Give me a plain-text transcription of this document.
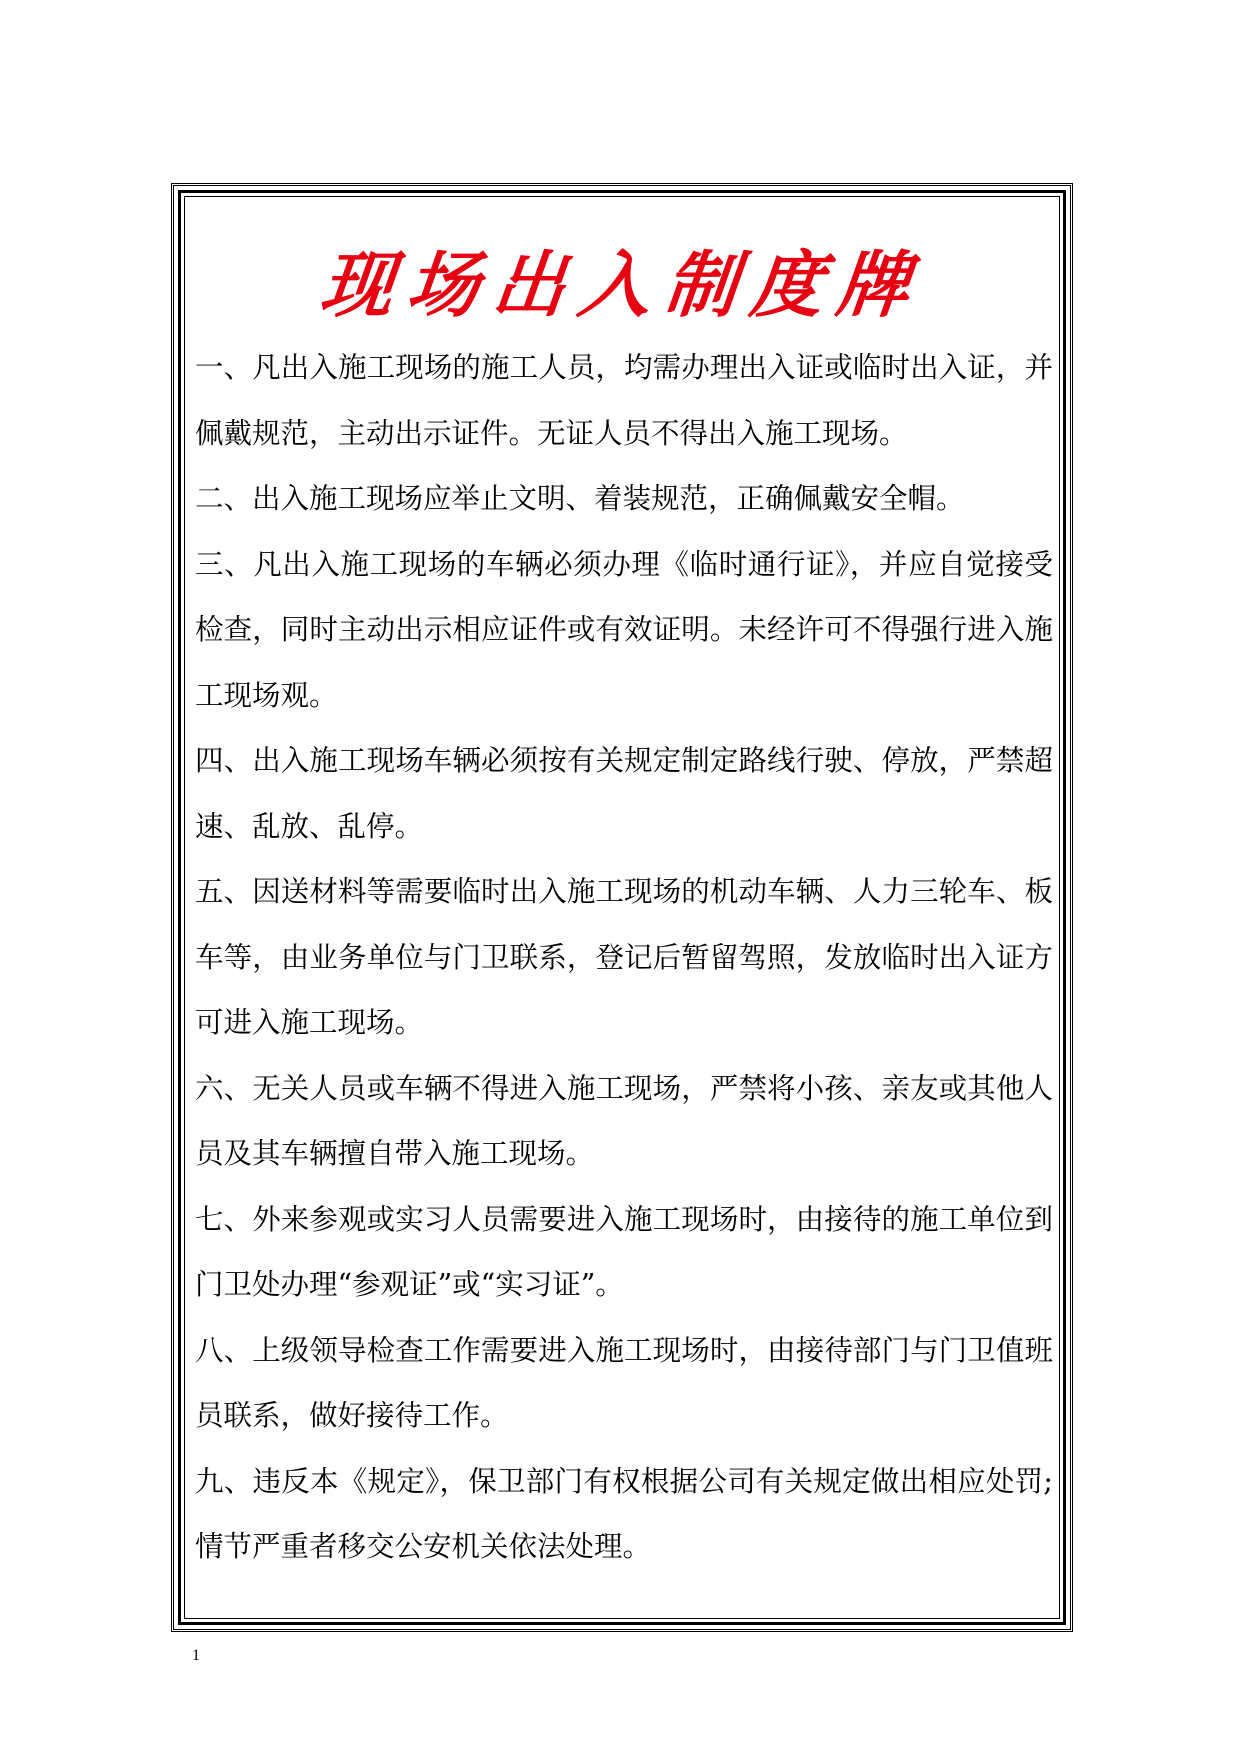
现场出入制度牌

一、凡出入施工现场的施工人员，均需办理出入证或临时出入证，并佩戴规范，主动出示证件。无证人员不得出入施工现场。

二、出入施工现场应举止文明、着装规范，正确佩戴安全帽。

三、凡出入施工现场的车辆必须办理《临时通行证》，并应自觉接受检查，同时主动出示相应证件或有效证明。未经许可不得强行进入施工现场观。

四、出入施工现场车辆必须按有关规定制定路线行驶、停放，严禁超速、乱放、乱停。

五、因送材料等需要临时出入施工现场的机动车辆、人力三轮车、板车等，由业务单位与门卫联系，登记后暂留驾照，发放临时出入证方可进入施工现场。

六、无关人员或车辆不得进入施工现场，严禁将小孩、亲友或其他人员及其车辆擅自带入施工现场。

七、外来参观或实习人员需要进入施工现场时，由接待的施工单位到门卫处办理“参观证”或“实习证”。

八、上级领导检查工作需要进入施工现场时，由接待部门与门卫值班员联系，做好接待工作。

九、违反本《规定》，保卫部门有权根据公司有关规定做出相应处罚;情节严重者移交公安机关依法处理。

1
